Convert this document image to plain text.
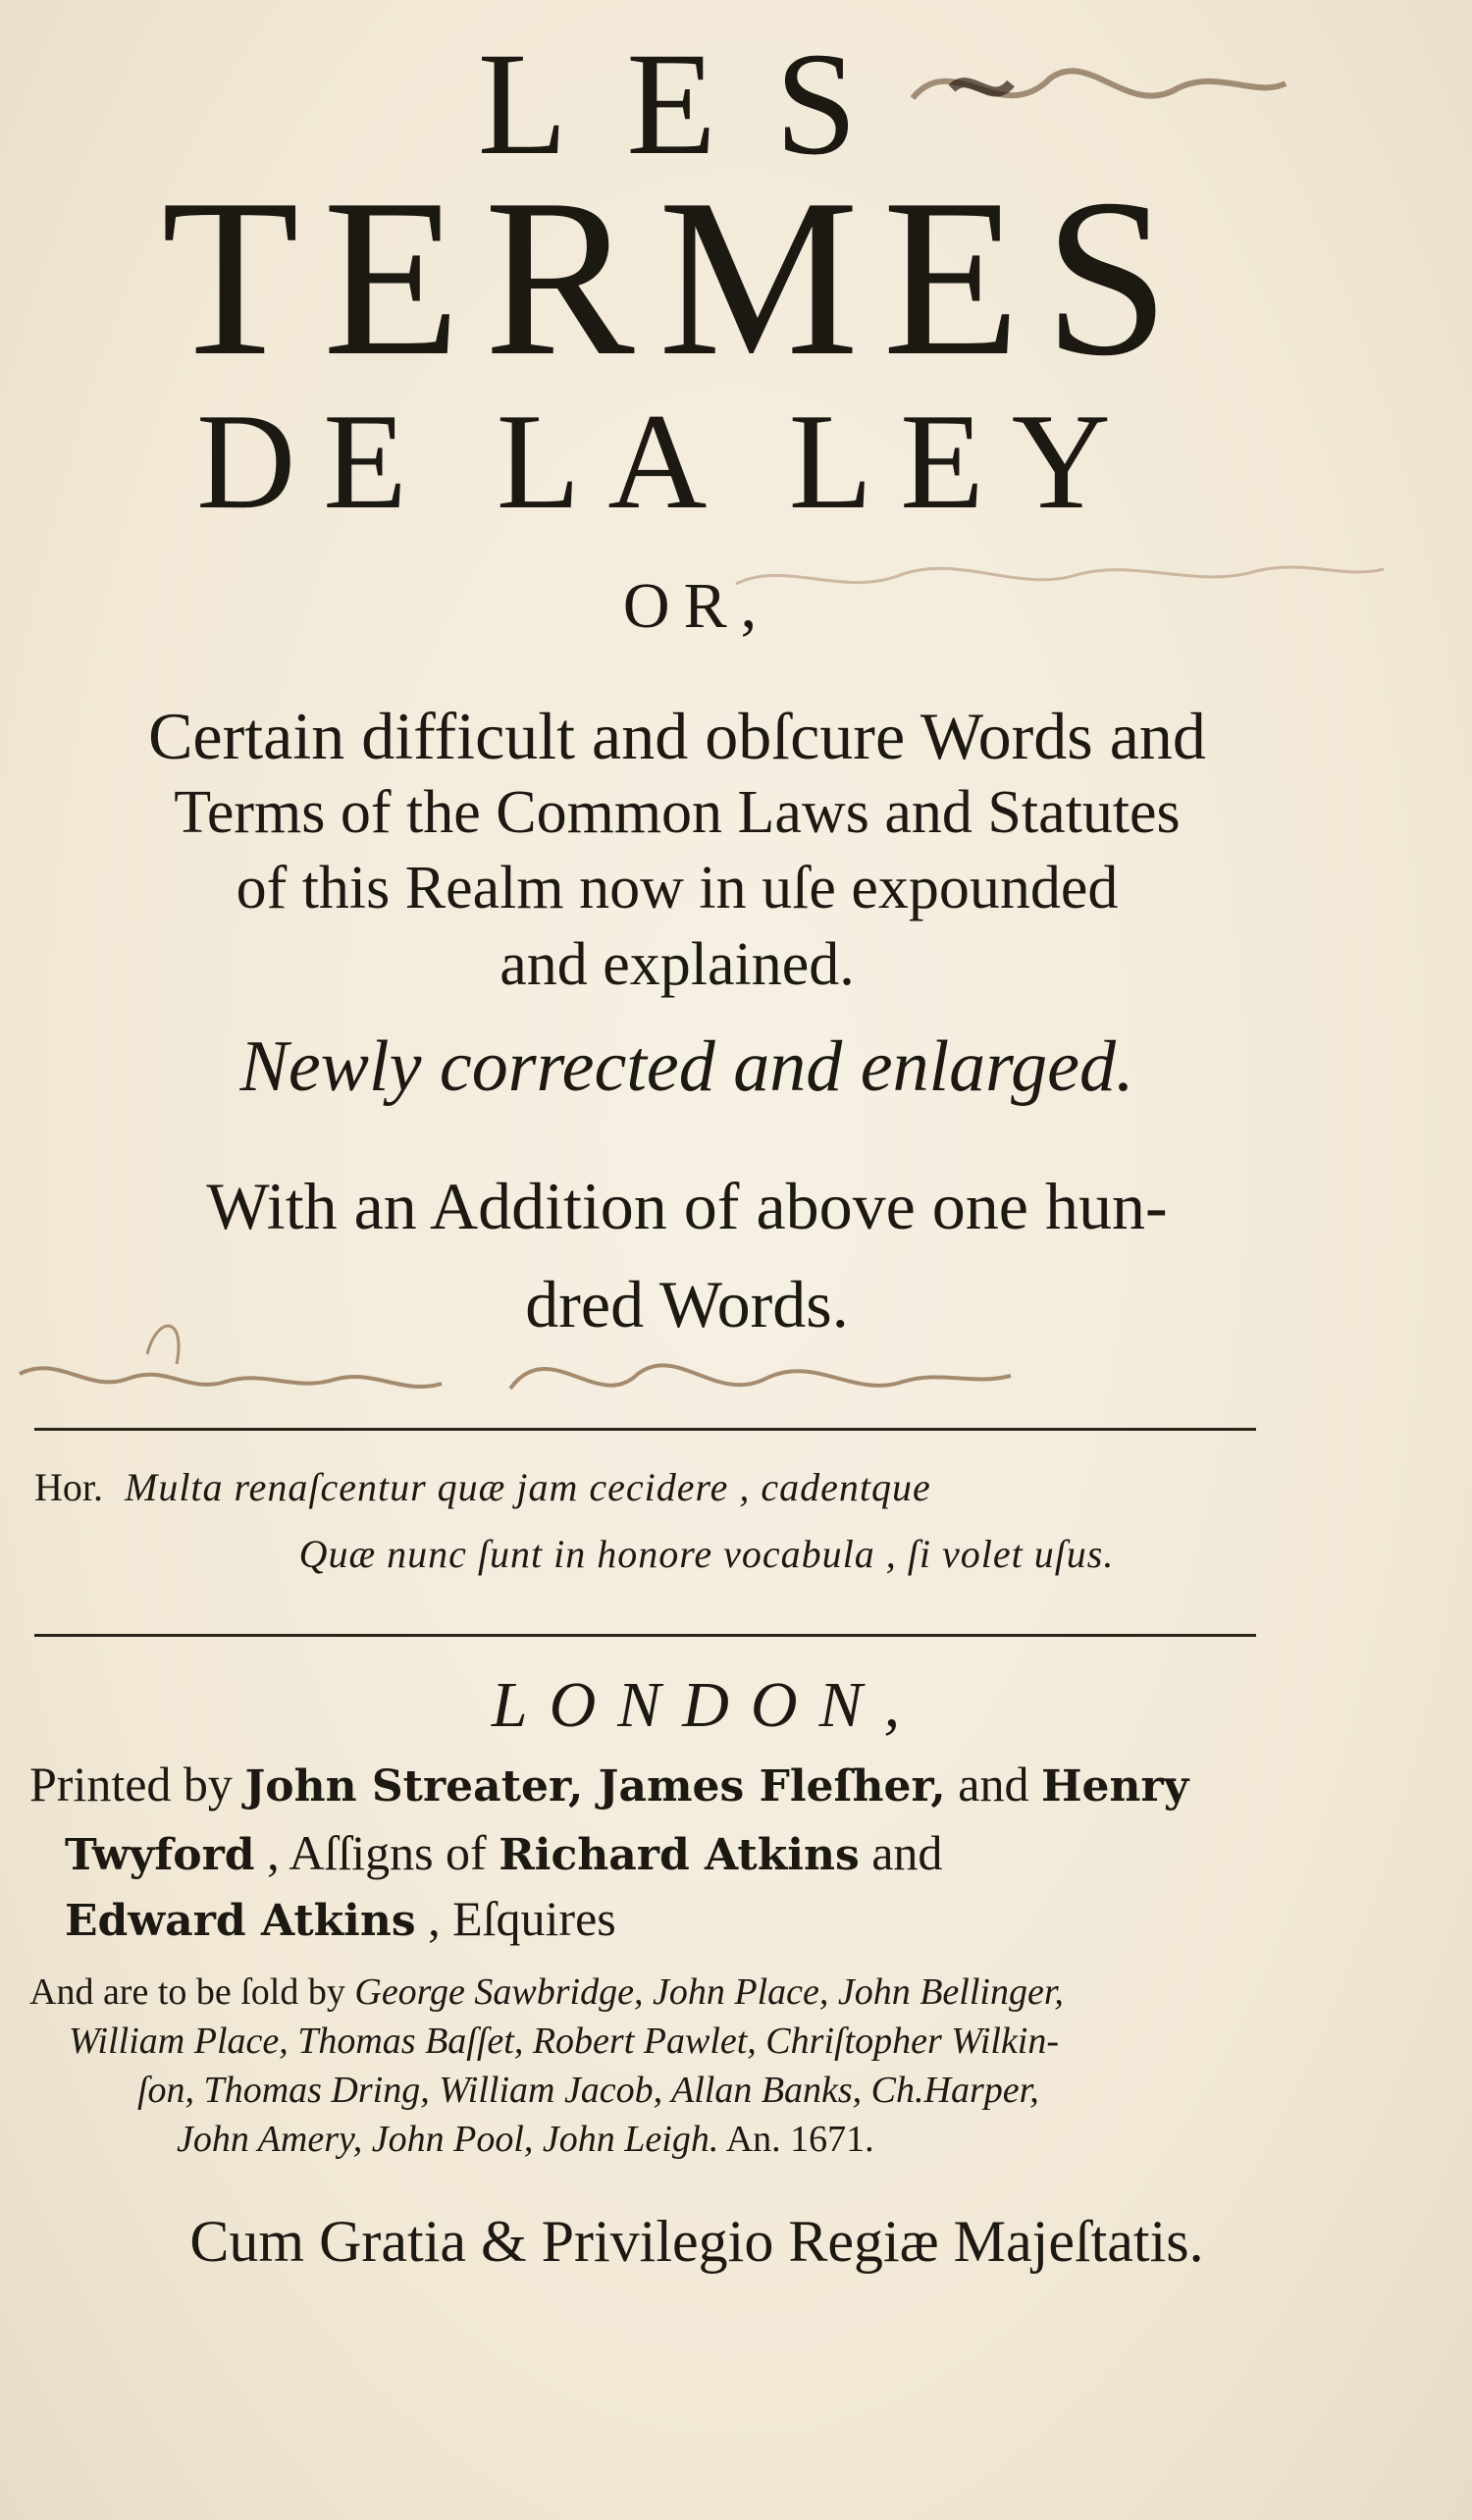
LES
TERMES
DE LA LEY
OR,
Certain difficult and obſcure Words and
Terms of the Common Laws and Statutes
of this Realm now in uſe expounded
and explained.
Newly corrected and enlarged.
With an Addition of above one hun-
dred Words.
Hor. Multa renaſcentur quæ jam cecidere , cadentque
Quæ nunc ſunt in honore vocabula , ſi volet uſus.
LONDON,
Printed by John Streater, James Fleſher, and Henry
Twyford , Aſſigns of Richard Atkins and
Edward Atkins , Eſquires
And are to be ſold by George Sawbridge, John Place, John Bellinger,
William Place, Thomas Baſſet, Robert Pawlet, Chriſtopher Wilkin-
ſon, Thomas Dring, William Jacob, Allan Banks, Ch.Harper,
John Amery, John Pool, John Leigh. An. 1671.
Cum Gratia & Privilegio Regiæ Majeſtatis.
